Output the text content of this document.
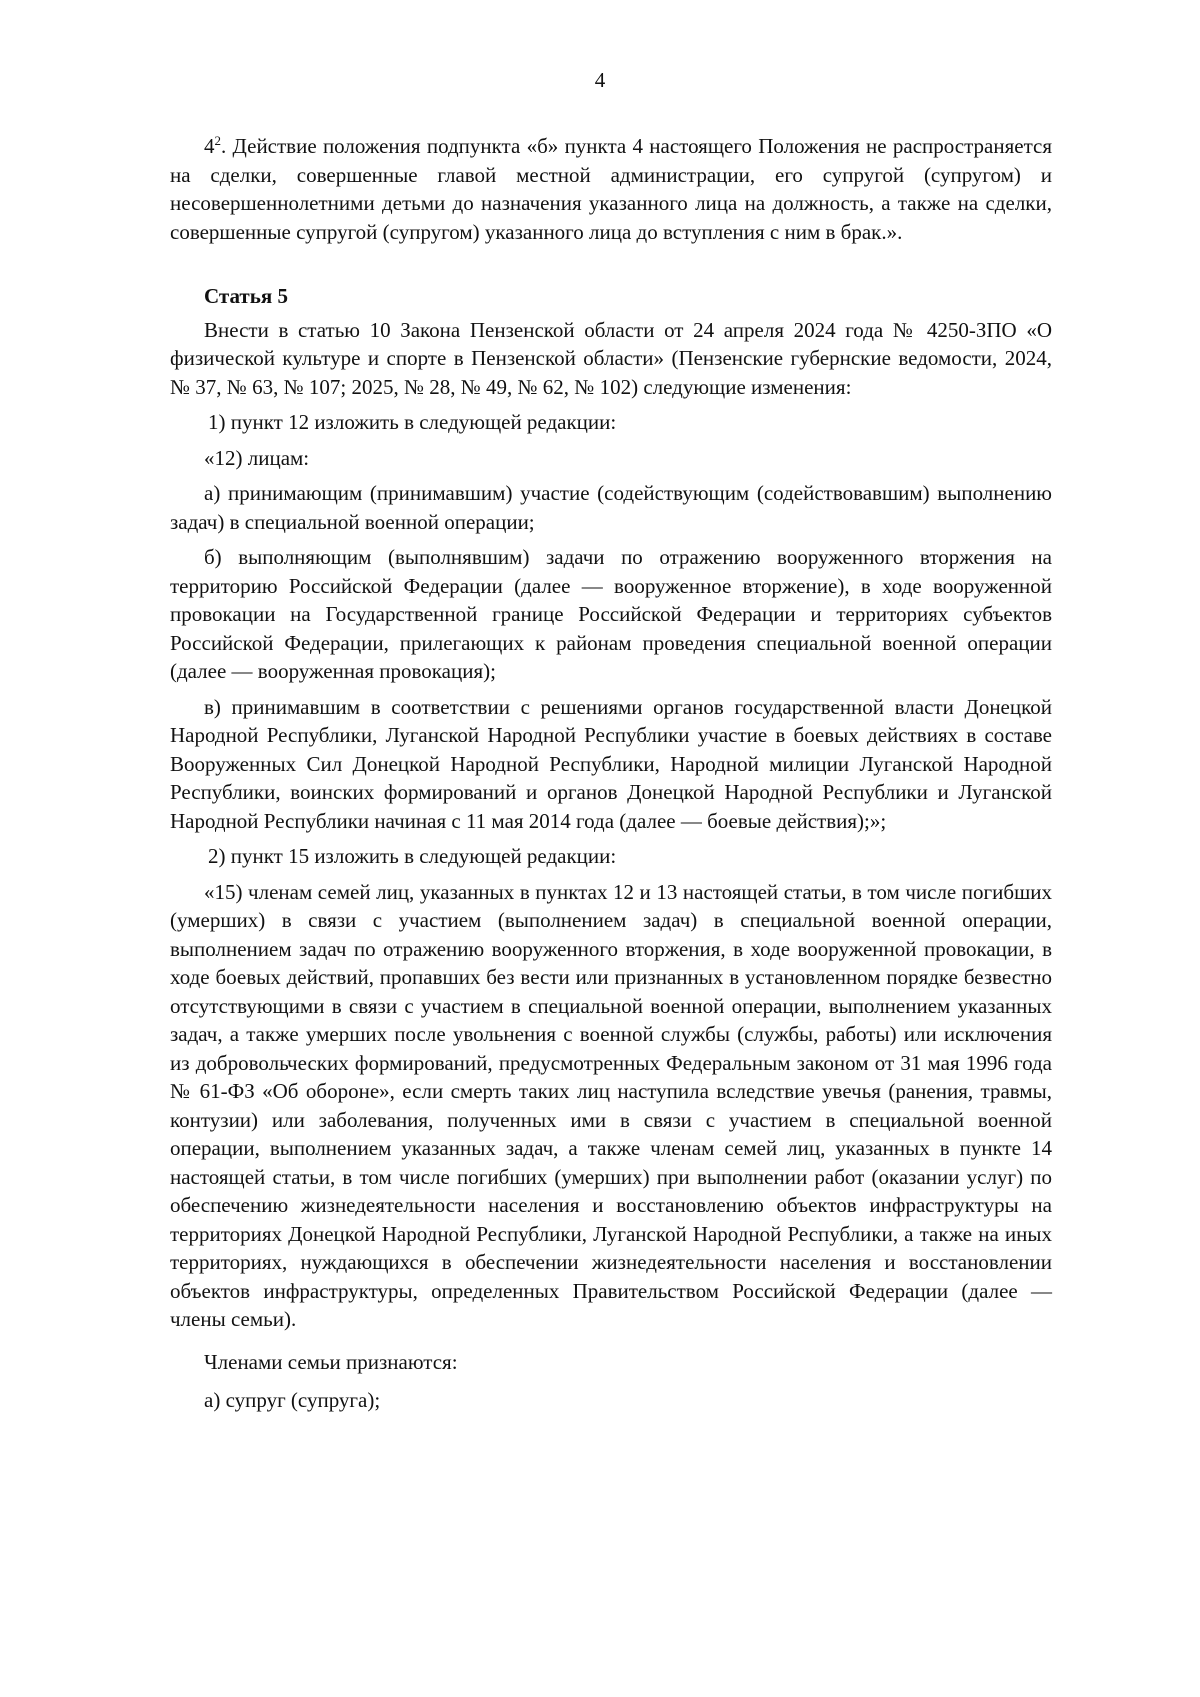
4

$4^2$. Действие положения подпункта «б» пункта 4 настоящего Положения не распространяется на сделки, совершенные главой местной администрации, его супругой (супругом) и несовершеннолетними детьми до назначения указанного лица на должность, а также на сделки, совершенные супругой (супругом) указанного лица до вступления с ним в брак.».

Статья 5

Внести в статью 10 Закона Пензенской области от 24 апреля 2024 года № 4250-ЗПО «О физической культуре и спорте в Пензенской области» (Пензенские губернские ведомости, 2024, № 37, № 63, № 107; 2025, № 28, № 49, № 62, № 102) следующие изменения:

1) пункт 12 изложить в следующей редакции:

«12) лицам:

а) принимающим (принимавшим) участие (содействующим (содействовавшим) выполнению задач) в специальной военной операции;

б) выполняющим (выполнявшим) задачи по отражению вооруженного вторжения на территорию Российской Федерации (далее — вооруженное вторжение), в ходе вооруженной провокации на Государственной границе Российской Федерации и территориях субъектов Российской Федерации, прилегающих к районам проведения специальной военной операции (далее — вооруженная провокация);

в) принимавшим в соответствии с решениями органов государственной власти Донецкой Народной Республики, Луганской Народной Республики участие в боевых действиях в составе Вооруженных Сил Донецкой Народной Республики, Народной милиции Луганской Народной Республики, воинских формирований и органов Донецкой Народной Республики и Луганской Народной Республики начиная с 11 мая 2014 года (далее — боевые действия);»;

2) пункт 15 изложить в следующей редакции:

«15) членам семей лиц, указанных в пунктах 12 и 13 настоящей статьи, в том числе погибших (умерших) в связи с участием (выполнением задач) в специальной военной операции, выполнением задач по отражению вооруженного вторжения, в ходе вооруженной провокации, в ходе боевых действий, пропавших без вести или признанных в установленном порядке безвестно отсутствующими в связи с участием в специальной военной операции, выполнением указанных задач, а также умерших после увольнения с военной службы (службы, работы) или исключения из добровольческих формирований, предусмотренных Федеральным законом от 31 мая 1996 года № 61-ФЗ «Об обороне», если смерть таких лиц наступила вследствие увечья (ранения, травмы, контузии) или заболевания, полученных ими в связи с участием в специальной военной операции, выполнением указанных задач, а также членам семей лиц, указанных в пункте 14 настоящей статьи, в том числе погибших (умерших) при выполнении работ (оказании услуг) по обеспечению жизнедеятельности населения и восстановлению объектов инфраструктуры на территориях Донецкой Народной Республики, Луганской Народной Республики, а также на иных территориях, нуждающихся в обеспечении жизнедеятельности населения и восстановлении объектов инфраструктуры, определенных Правительством Российской Федерации (далее — члены семьи).

Членами семьи признаются:

а) супруг (супруга);
